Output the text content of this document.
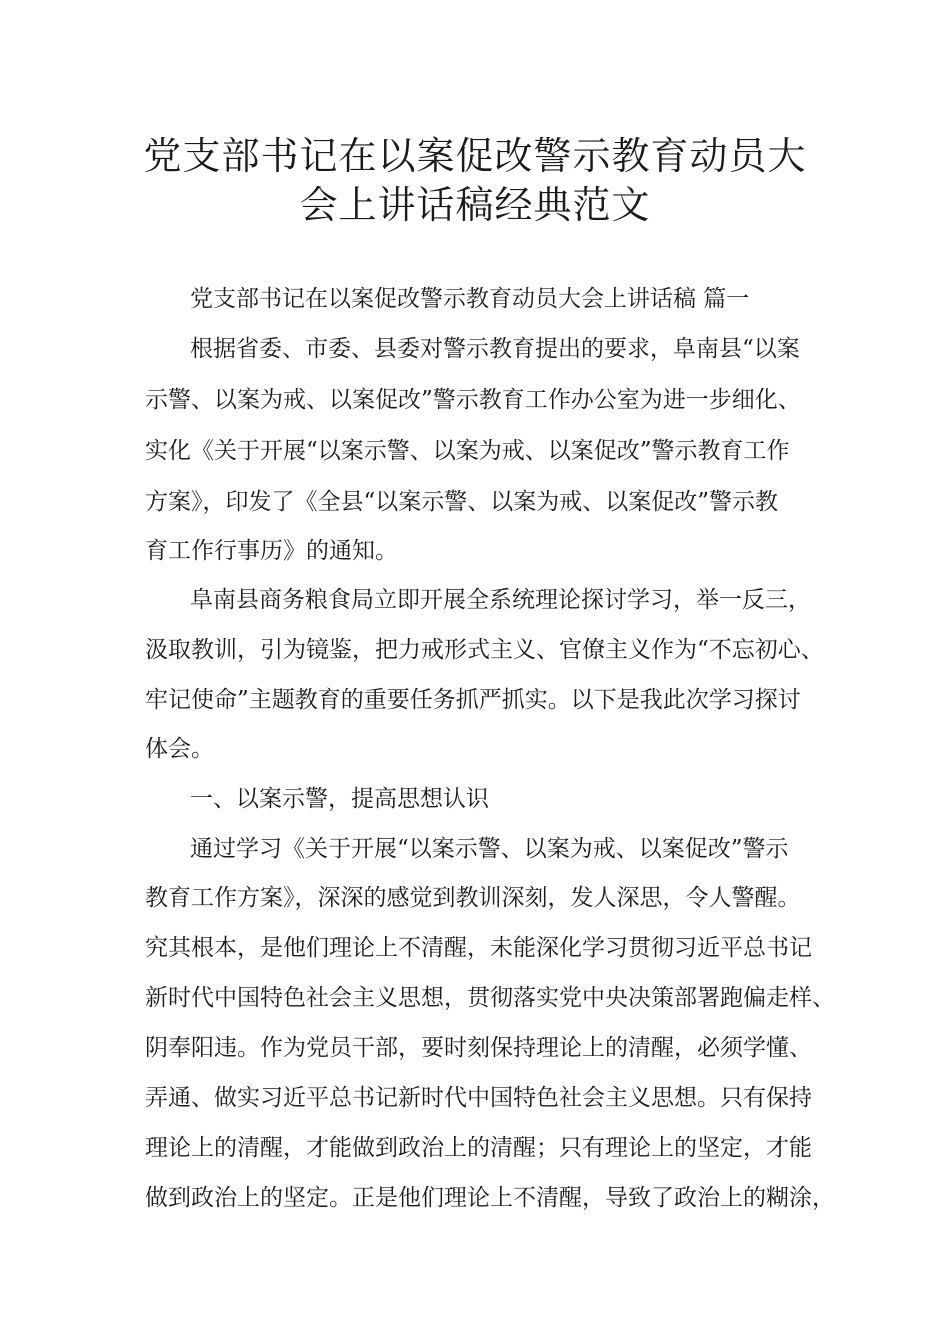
党支部书记在以案促改警示教育动员大
会上讲话稿经典范文
党支部书记在以案促改警示教育动员大会上讲话稿 篇一
根据省委、市委、县委对警示教育提出的要求，阜南县“以案
示警、以案为戒、以案促改”警示教育工作办公室为进一步细化、
实化《关于开展“以案示警、以案为戒、以案促改”警示教育工作
方案》，印发了《全县“以案示警、以案为戒、以案促改”警示教
育工作行事历》的通知。
阜南县商务粮食局立即开展全系统理论探讨学习，举一反三，
汲取教训，引为镜鉴，把力戒形式主义、官僚主义作为“不忘初心、
牢记使命”主题教育的重要任务抓严抓实。以下是我此次学习探讨
体会。
一、以案示警，提高思想认识
通过学习《关于开展“以案示警、以案为戒、以案促改”警示
教育工作方案》，深深的感觉到教训深刻，发人深思，令人警醒。
究其根本，是他们理论上不清醒，未能深化学习贯彻习近平总书记
新时代中国特色社会主义思想，贯彻落实党中央决策部署跑偏走样、
阴奉阳违。作为党员干部，要时刻保持理论上的清醒，必须学懂、
弄通、做实习近平总书记新时代中国特色社会主义思想。只有保持
理论上的清醒，才能做到政治上的清醒；只有理论上的坚定，才能
做到政治上的坚定。正是他们理论上不清醒，导致了政治上的糊涂，
